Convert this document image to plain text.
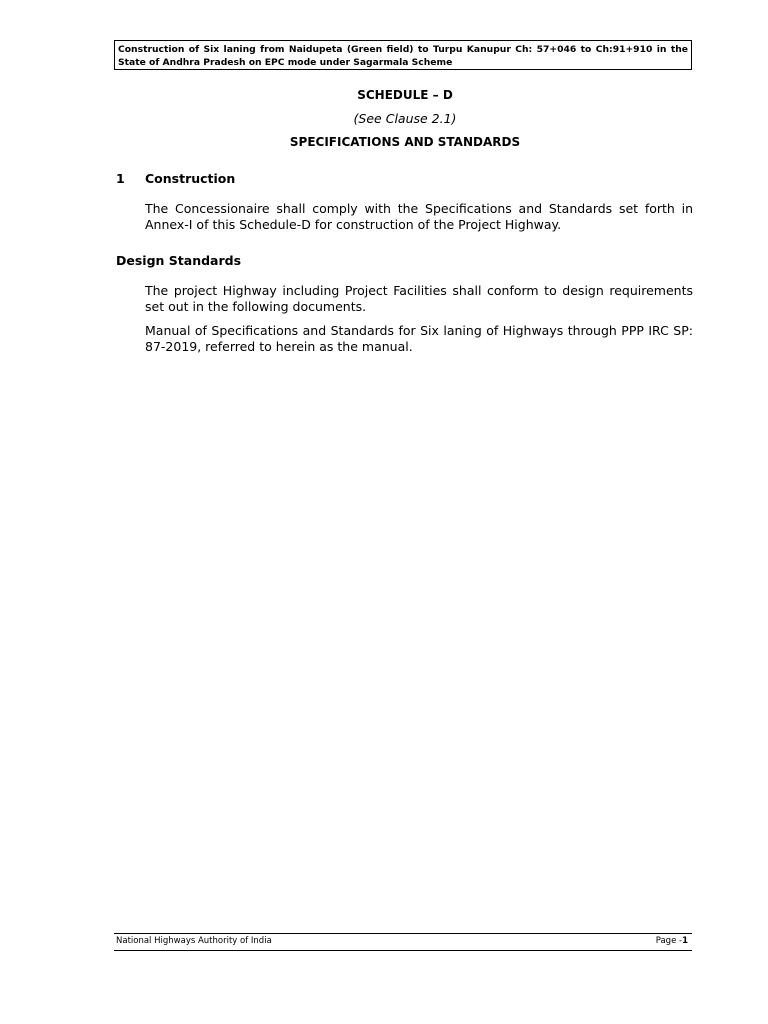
Construction of Six laning from Naidupeta (Green field) to Turpu Kanupur Ch: 57+046 to Ch:91+910 in the State of Andhra Pradesh on EPC mode under Sagarmala Scheme
SCHEDULE – D
(See Clause 2.1)
SPECIFICATIONS AND STANDARDS
1 Construction
The Concessionaire shall comply with the Specifications and Standards set forth in Annex-I of this Schedule-D for construction of the Project Highway.
Design Standards
The project Highway including Project Facilities shall conform to design requirements set out in the following documents.
Manual of Specifications and Standards for Six laning of Highways through PPP IRC SP: 87-2019, referred to herein as the manual.
National Highways Authority of India	Page -1
